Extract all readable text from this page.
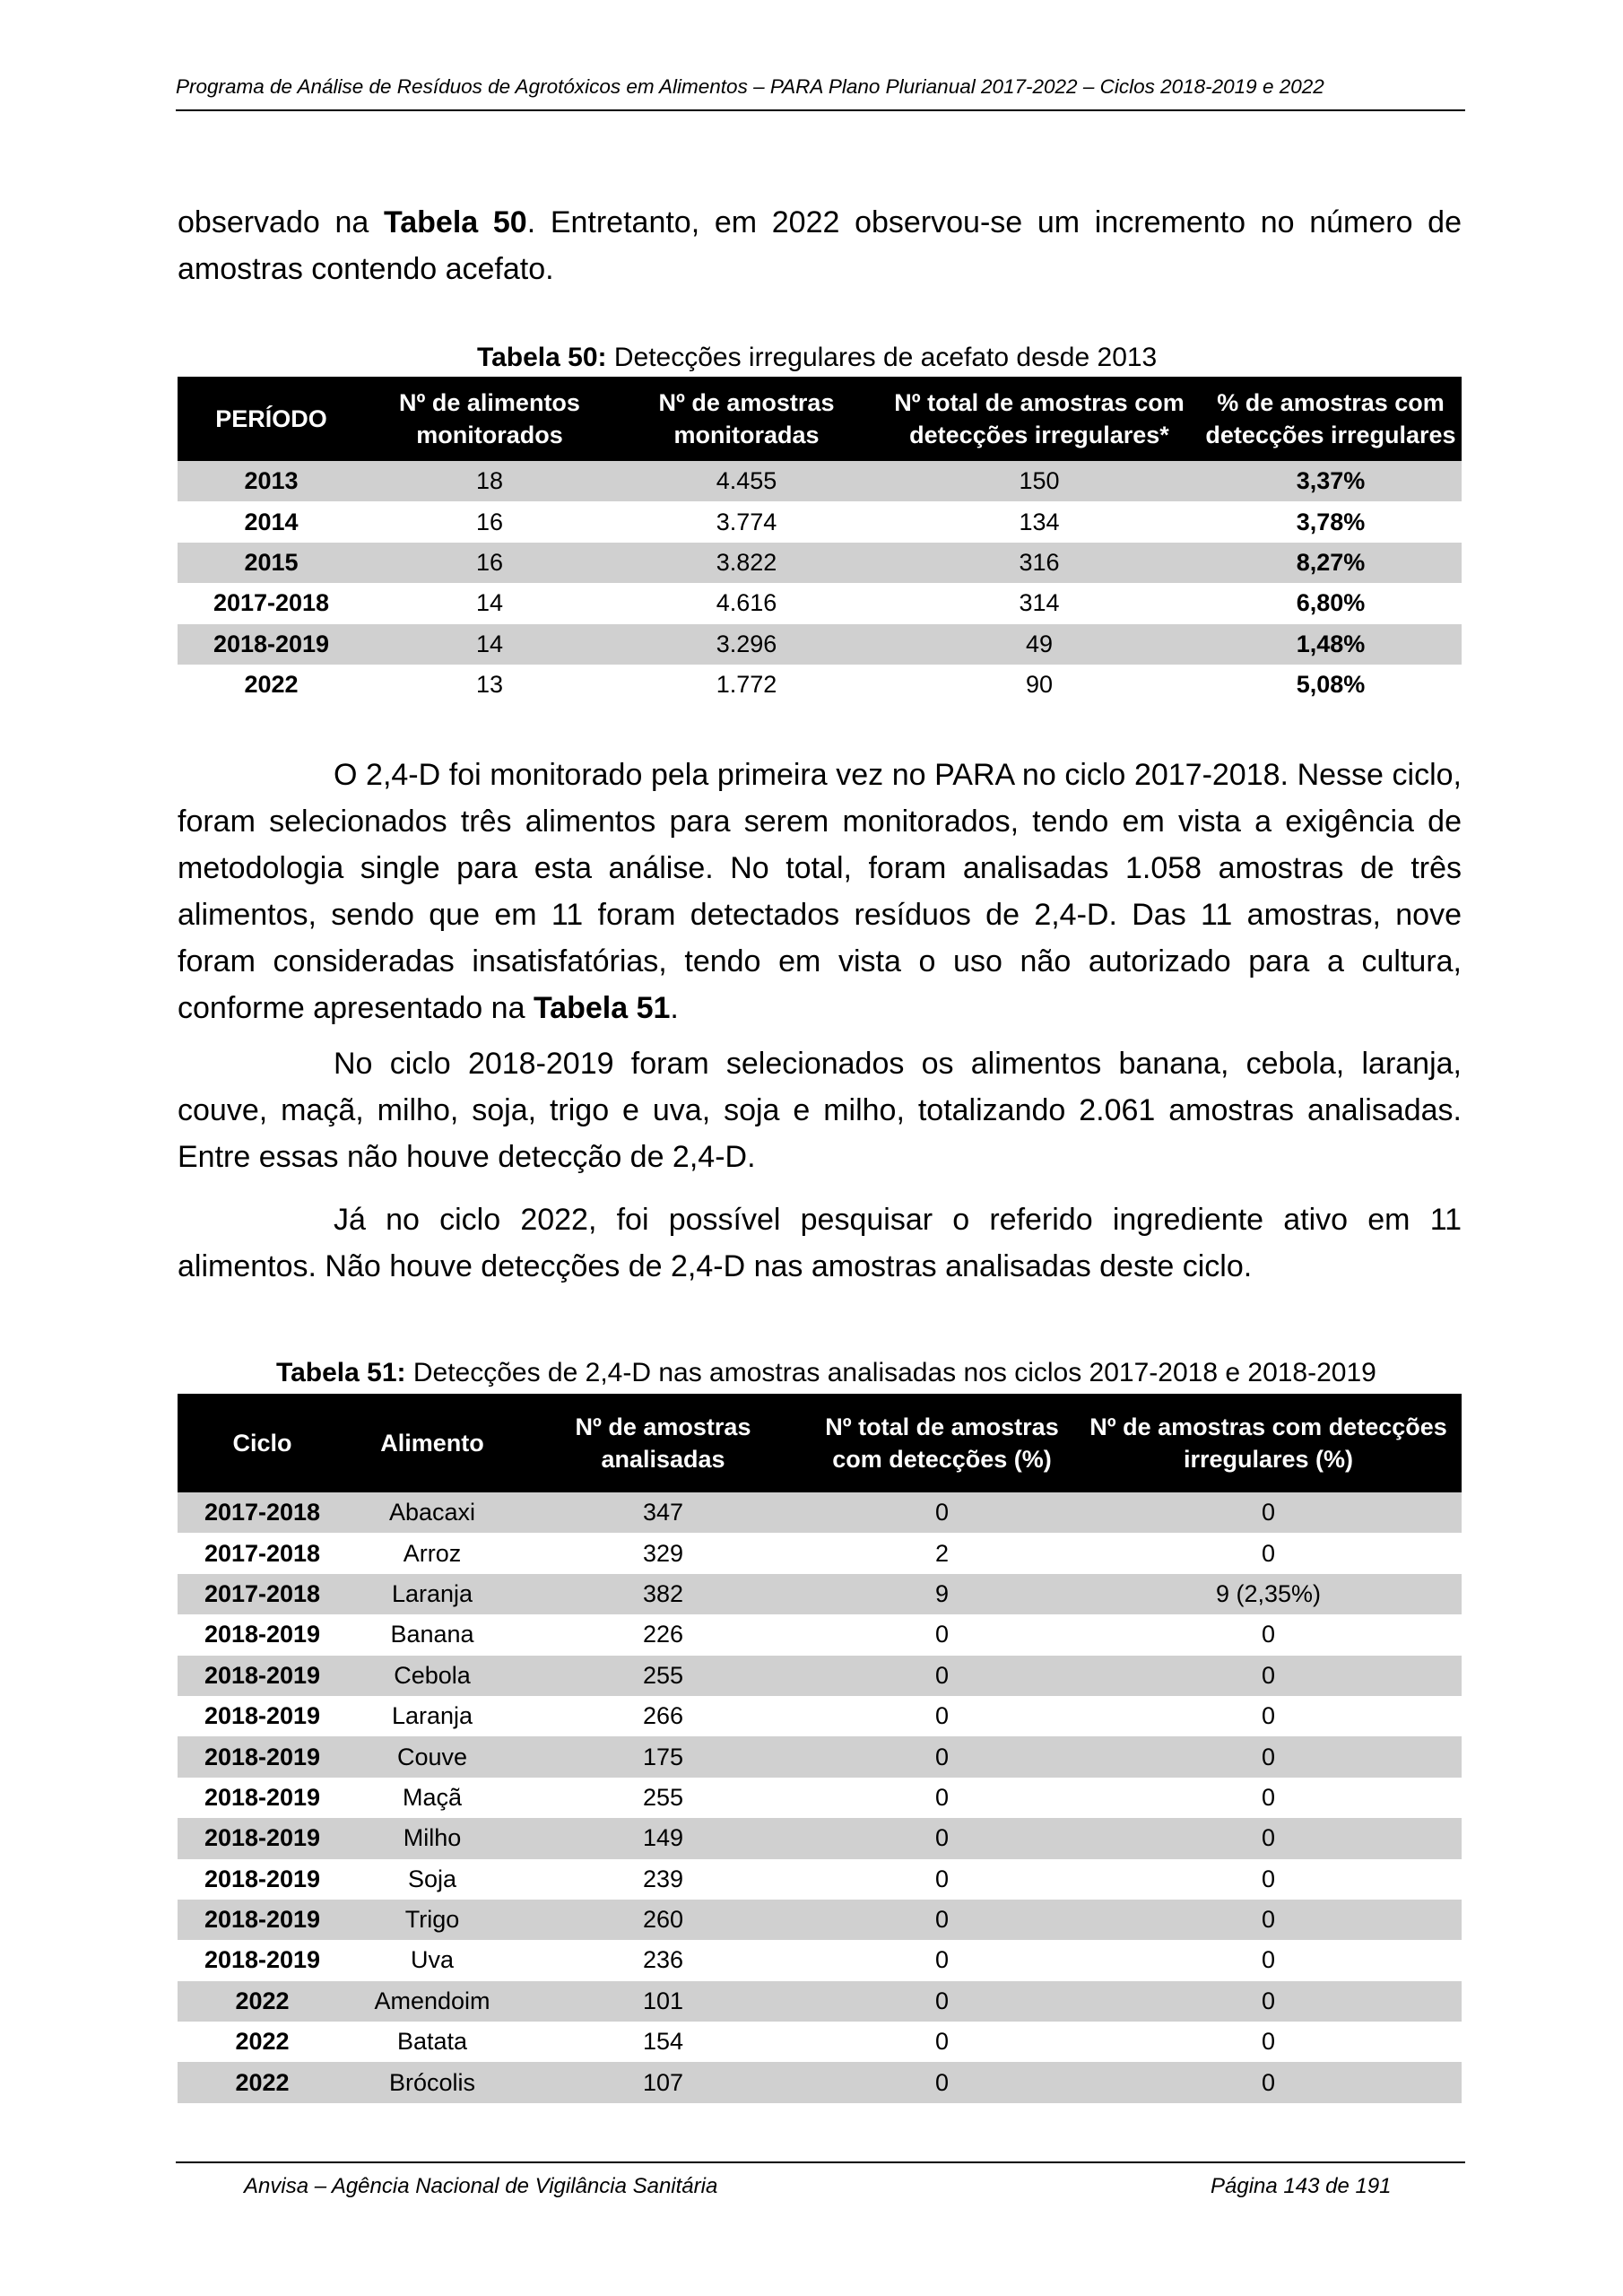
Programa de Análise de Resíduos de Agrotóxicos em Alimentos – PARA Plano Plurianual 2017-2022 – Ciclos 2018-2019 e 2022
observado na Tabela 50. Entretanto, em 2022 observou-se um incremento no número de amostras contendo acefato.
Tabela 50: Detecções irregulares de acefato desde 2013
PERÍODO	Nº de alimentos monitorados	Nº de amostras monitoradas	Nº total de amostras com detecções irregulares*	% de amostras com detecções irregulares
2013	18	4.455	150	3,37%
2014	16	3.774	134	3,78%
2015	16	3.822	316	8,27%
2017-2018	14	4.616	314	6,80%
2018-2019	14	3.296	49	1,48%
2022	13	1.772	90	5,08%
O 2,4-D foi monitorado pela primeira vez no PARA no ciclo 2017-2018. Nesse ciclo, foram selecionados três alimentos para serem monitorados, tendo em vista a exigência de metodologia single para esta análise. No total, foram analisadas 1.058 amostras de três alimentos, sendo que em 11 foram detectados resíduos de 2,4-D. Das 11 amostras, nove foram consideradas insatisfatórias, tendo em vista o uso não autorizado para a cultura, conforme apresentado na Tabela 51.
No ciclo 2018-2019 foram selecionados os alimentos banana, cebola, laranja, couve, maçã, milho, soja, trigo e uva, soja e milho, totalizando 2.061 amostras analisadas. Entre essas não houve detecção de 2,4-D.
Já no ciclo 2022, foi possível pesquisar o referido ingrediente ativo em 11 alimentos. Não houve detecções de 2,4-D nas amostras analisadas deste ciclo.
Tabela 51: Detecções de 2,4-D nas amostras analisadas nos ciclos 2017-2018 e 2018-2019
Ciclo	Alimento	Nº de amostras analisadas	Nº total de amostras com detecções (%)	Nº de amostras com detecções irregulares (%)
2017-2018	Abacaxi	347	0	0
2017-2018	Arroz	329	2	0
2017-2018	Laranja	382	9	9 (2,35%)
2018-2019	Banana	226	0	0
2018-2019	Cebola	255	0	0
2018-2019	Laranja	266	0	0
2018-2019	Couve	175	0	0
2018-2019	Maçã	255	0	0
2018-2019	Milho	149	0	0
2018-2019	Soja	239	0	0
2018-2019	Trigo	260	0	0
2018-2019	Uva	236	0	0
2022	Amendoim	101	0	0
2022	Batata	154	0	0
2022	Brócolis	107	0	0
Anvisa – Agência Nacional de Vigilância Sanitária	Página 143 de 191
